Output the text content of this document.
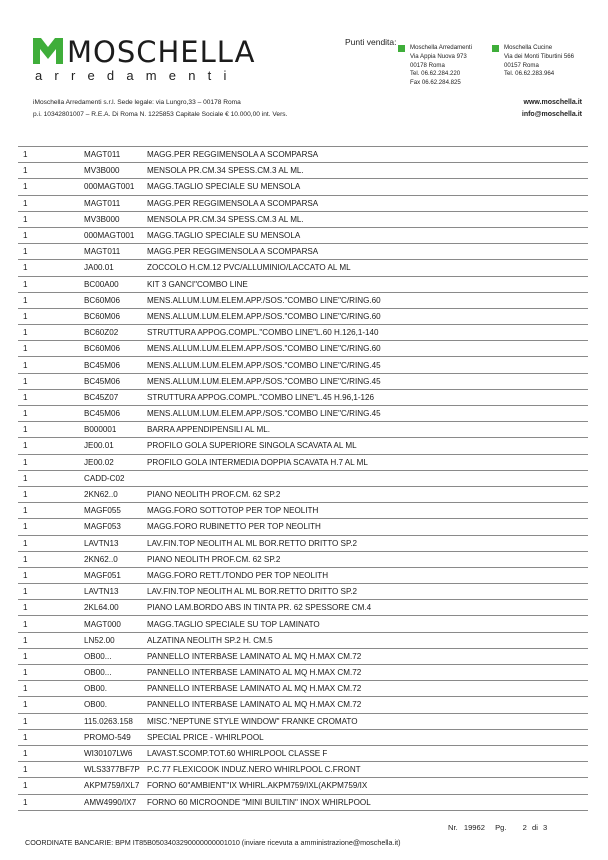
MOSCHELLA
arredamenti
Punti vendita:
Moschella Arredamenti
Via Appia Nuova 973
00178 Roma
Tel. 06.62.284.220
Fax 06.62.284.825
Moschella Cucine
Via dei Monti Tiburtini 566
00157 Roma
Tel. 06.62.283.964
iMoschella Arredamenti s.r.l. Sede legale: via Lungro,33 – 00178 Roma
p.i. 10342801007 – R.E.A. Di Roma N. 1225853 Capitale Sociale € 10.000,00 int. Vers.
www.moschella.it
info@moschella.it
1	MAGT011	MAGG.PER REGGIMENSOLA A SCOMPARSA
1	MV3B000	MENSOLA PR.CM.34 SPESS.CM.3 AL ML.
1	000MAGT001	MAGG.TAGLIO SPECIALE SU MENSOLA
1	MAGT011	MAGG.PER REGGIMENSOLA A SCOMPARSA
1	MV3B000	MENSOLA PR.CM.34 SPESS.CM.3 AL ML.
1	000MAGT001	MAGG.TAGLIO SPECIALE SU MENSOLA
1	MAGT011	MAGG.PER REGGIMENSOLA A SCOMPARSA
1	JA00.01	ZOCCOLO H.CM.12 PVC/ALLUMINIO/LACCATO AL ML
1	BC00A00	KIT 3 GANCI"COMBO LINE
1	BC60M06	MENS.ALLUM.LUM.ELEM.APP./SOS."COMBO LINE"C/RING.60
1	BC60M06	MENS.ALLUM.LUM.ELEM.APP./SOS."COMBO LINE"C/RING.60
1	BC60Z02	STRUTTURA APPOG.COMPL."COMBO LINE"L.60 H.126,1-140
1	BC60M06	MENS.ALLUM.LUM.ELEM.APP./SOS."COMBO LINE"C/RING.60
1	BC45M06	MENS.ALLUM.LUM.ELEM.APP./SOS."COMBO LINE"C/RING.45
1	BC45M06	MENS.ALLUM.LUM.ELEM.APP./SOS."COMBO LINE"C/RING.45
1	BC45Z07	STRUTTURA APPOG.COMPL."COMBO LINE"L.45 H.96,1-126
1	BC45M06	MENS.ALLUM.LUM.ELEM.APP./SOS."COMBO LINE"C/RING.45
1	B000001	BARRA APPENDIPENSILI AL ML.
1	JE00.01	PROFILO GOLA SUPERIORE SINGOLA SCAVATA AL ML
1	JE00.02	PROFILO GOLA INTERMEDIA DOPPIA SCAVATA H.7 AL ML
1	CADD-C02	
1	2KN62..0	PIANO NEOLITH PROF.CM. 62 SP.2
1	MAGF055	MAGG.FORO SOTTOTOP PER TOP NEOLITH
1	MAGF053	MAGG.FORO RUBINETTO PER TOP NEOLITH
1	LAVTN13	LAV.FIN.TOP NEOLITH AL ML BOR.RETTO DRITTO SP.2
1	2KN62..0	PIANO NEOLITH PROF.CM. 62 SP.2
1	MAGF051	MAGG.FORO RETT./TONDO PER TOP NEOLITH
1	LAVTN13	LAV.FIN.TOP NEOLITH AL ML BOR.RETTO DRITTO SP.2
1	2KL64.00	PIANO LAM.BORDO ABS IN TINTA PR. 62 SPESSORE CM.4
1	MAGT000	MAGG.TAGLIO SPECIALE SU TOP LAMINATO
1	LN52.00	ALZATINA NEOLITH SP.2 H. CM.5
1	OB00...	PANNELLO INTERBASE LAMINATO AL MQ H.MAX CM.72
1	OB00...	PANNELLO INTERBASE LAMINATO AL MQ H.MAX CM.72
1	OB00.	PANNELLO INTERBASE LAMINATO AL MQ H.MAX CM.72
1	OB00.	PANNELLO INTERBASE LAMINATO AL MQ H.MAX CM.72
1	115.0263.158	MISC."NEPTUNE STYLE WINDOW" FRANKE CROMATO
1	PROMO-549	SPECIAL PRICE - WHIRLPOOL
1	WI30107LW6	LAVAST.SCOMP.TOT.60 WHIRLPOOL CLASSE F
1	WLS3377BF7P	P.C.77 FLEXICOOK INDUZ.NERO WHIRLPOOL C.FRONT
1	AKPM759/IXL7	FORNO 60"AMBIENT"IX WHIRL.AKPM759/IXL(AKPM759/IX
1	AMW4990/IX7	FORNO 60 MICROONDE "MINI BUILTIN" INOX WHIRLPOOL
Nr. 19962 Pg. 2 di 3
COORDINATE BANCARIE: BPM IT85B0503403290000000001010 (inviare ricevuta a amministrazione@moschella.it)
